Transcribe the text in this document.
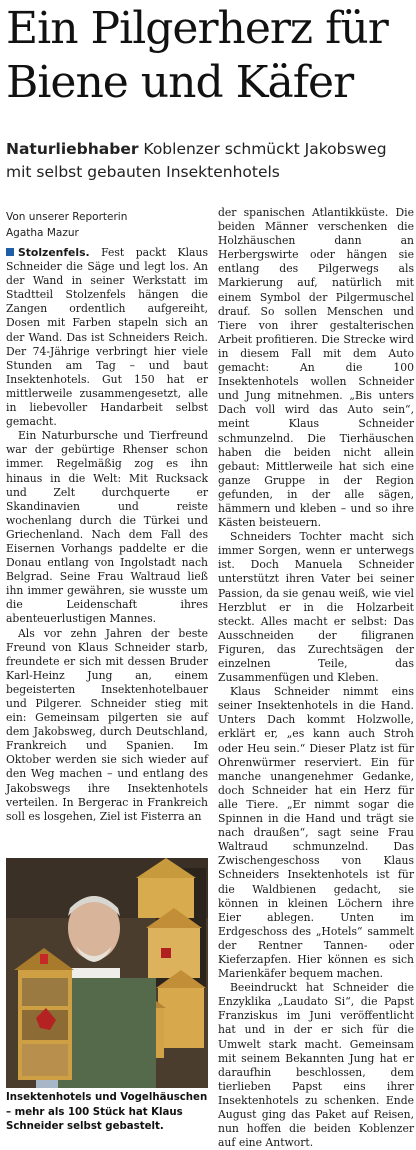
Ein Pilgerherz für
Biene und Käfer
Naturliebhaber Koblenzer schmückt Jakobsweg mit selbst gebauten Insektenhotels
Von unserer Reporterin
Agatha Mazur

Stolzenfels. Fest packt Klaus Schneider die Säge und legt los. An der Wand in seiner Werkstatt im Stadtteil Stolzenfels hängen die Zangen ordentlich aufgereiht, Dosen mit Farben stapeln sich an der Wand. Das ist Schneiders Reich. Der 74-Jährige verbringt hier viele Stunden am Tag – und baut Insektenhotels. Gut 150 hat er mittlerweile zusammengesetzt, alle in liebevoller Handarbeit selbst gemacht.

Ein Naturbursche und Tierfreund war der gebürtige Rhenser schon immer. Regelmäßig zog es ihn hinaus in die Welt: Mit Rucksack und Zelt durchquerte er Skandinavien und reiste wochenlang durch die Türkei und Griechenland. Nach dem Fall des Eisernen Vorhangs paddelte er die Donau entlang von Ingolstadt nach Belgrad. Seine Frau Waltraud ließ ihn immer gewähren, sie wusste um die Leidenschaft ihres abenteuerlustigen Mannes.

Als vor zehn Jahren der beste Freund von Klaus Schneider starb, freundete er sich mit dessen Bruder Karl-Heinz Jung an, einem begeisterten Insektenhotelbauer und Pilgerer. Schneider stieg mit ein: Gemeinsam pilgerten sie auf dem Jakobsweg, durch Deutschland, Frankreich und Spanien. Im Oktober werden sie sich wieder auf den Weg machen – und entlang des Jakobswegs ihre Insektenhotels verteilen. In Bergerac in Frankreich soll es losgehen, Ziel ist Fisterra an

Insektenhotels und Vogelhäuschen – mehr als 100 Stück hat Klaus Schneider selbst gebastelt.

der spanischen Atlantikküste. Die beiden Männer verschenken die Holzhäuschen dann an Herbergswirte oder hängen sie entlang des Pilgerwegs als Markierung auf, natürlich mit einem Symbol der Pilgermuschel drauf. So sollen Menschen und Tiere von ihrer gestalterischen Arbeit profitieren. Die Strecke wird in diesem Fall mit dem Auto gemacht: An die 100 Insektenhotels wollen Schneider und Jung mitnehmen. „Bis unters Dach voll wird das Auto sein“, meint Klaus Schneider schmunzelnd. Die Tierhäuschen haben die beiden nicht allein gebaut: Mittlerweile hat sich eine ganze Gruppe in der Region gefunden, in der alle sägen, hämmern und kleben – und so ihre Kästen beisteuern.

Schneiders Tochter macht sich immer Sorgen, wenn er unterwegs ist. Doch Manuela Schneider unterstützt ihren Vater bei seiner Passion, da sie genau weiß, wie viel Herzblut er in die Holzarbeit steckt. Alles macht er selbst: Das Ausschneiden der filigranen Figuren, das Zurechtsägen der einzelnen Teile, das Zusammenfügen und Kleben.

Klaus Schneider nimmt eins seiner Insektenhotels in die Hand. Unters Dach kommt Holzwolle, erklärt er, „es kann auch Stroh oder Heu sein.“ Dieser Platz ist für Ohrenwürmer reserviert. Ein für manche unangenehmer Gedanke, doch Schneider hat ein Herz für alle Tiere. „Er nimmt sogar die Spinnen in die Hand und trägt sie nach draußen“, sagt seine Frau Waltraud schmunzelnd. Das Zwischengeschoss von Klaus Schneiders Insektenhotels ist für die Waldbienen gedacht, sie können in kleinen Löchern ihre Eier ablegen. Unten im Erdgeschoss des „Hotels“ sammelt der Rentner Tannen- oder Kieferzapfen. Hier können es sich Marienkäfer bequem machen.

Beeindruckt hat Schneider die Enzyklika „Laudato Si“, die Papst Franziskus im Juni veröffentlicht hat und in der er sich für die Umwelt stark macht. Gemeinsam mit seinem Bekannten Jung hat er daraufhin beschlossen, dem tierlieben Papst eins ihrer Insektenhotels zu schenken. Ende August ging das Paket auf Reisen, nun hoffen die beiden Koblenzer auf eine Antwort.
